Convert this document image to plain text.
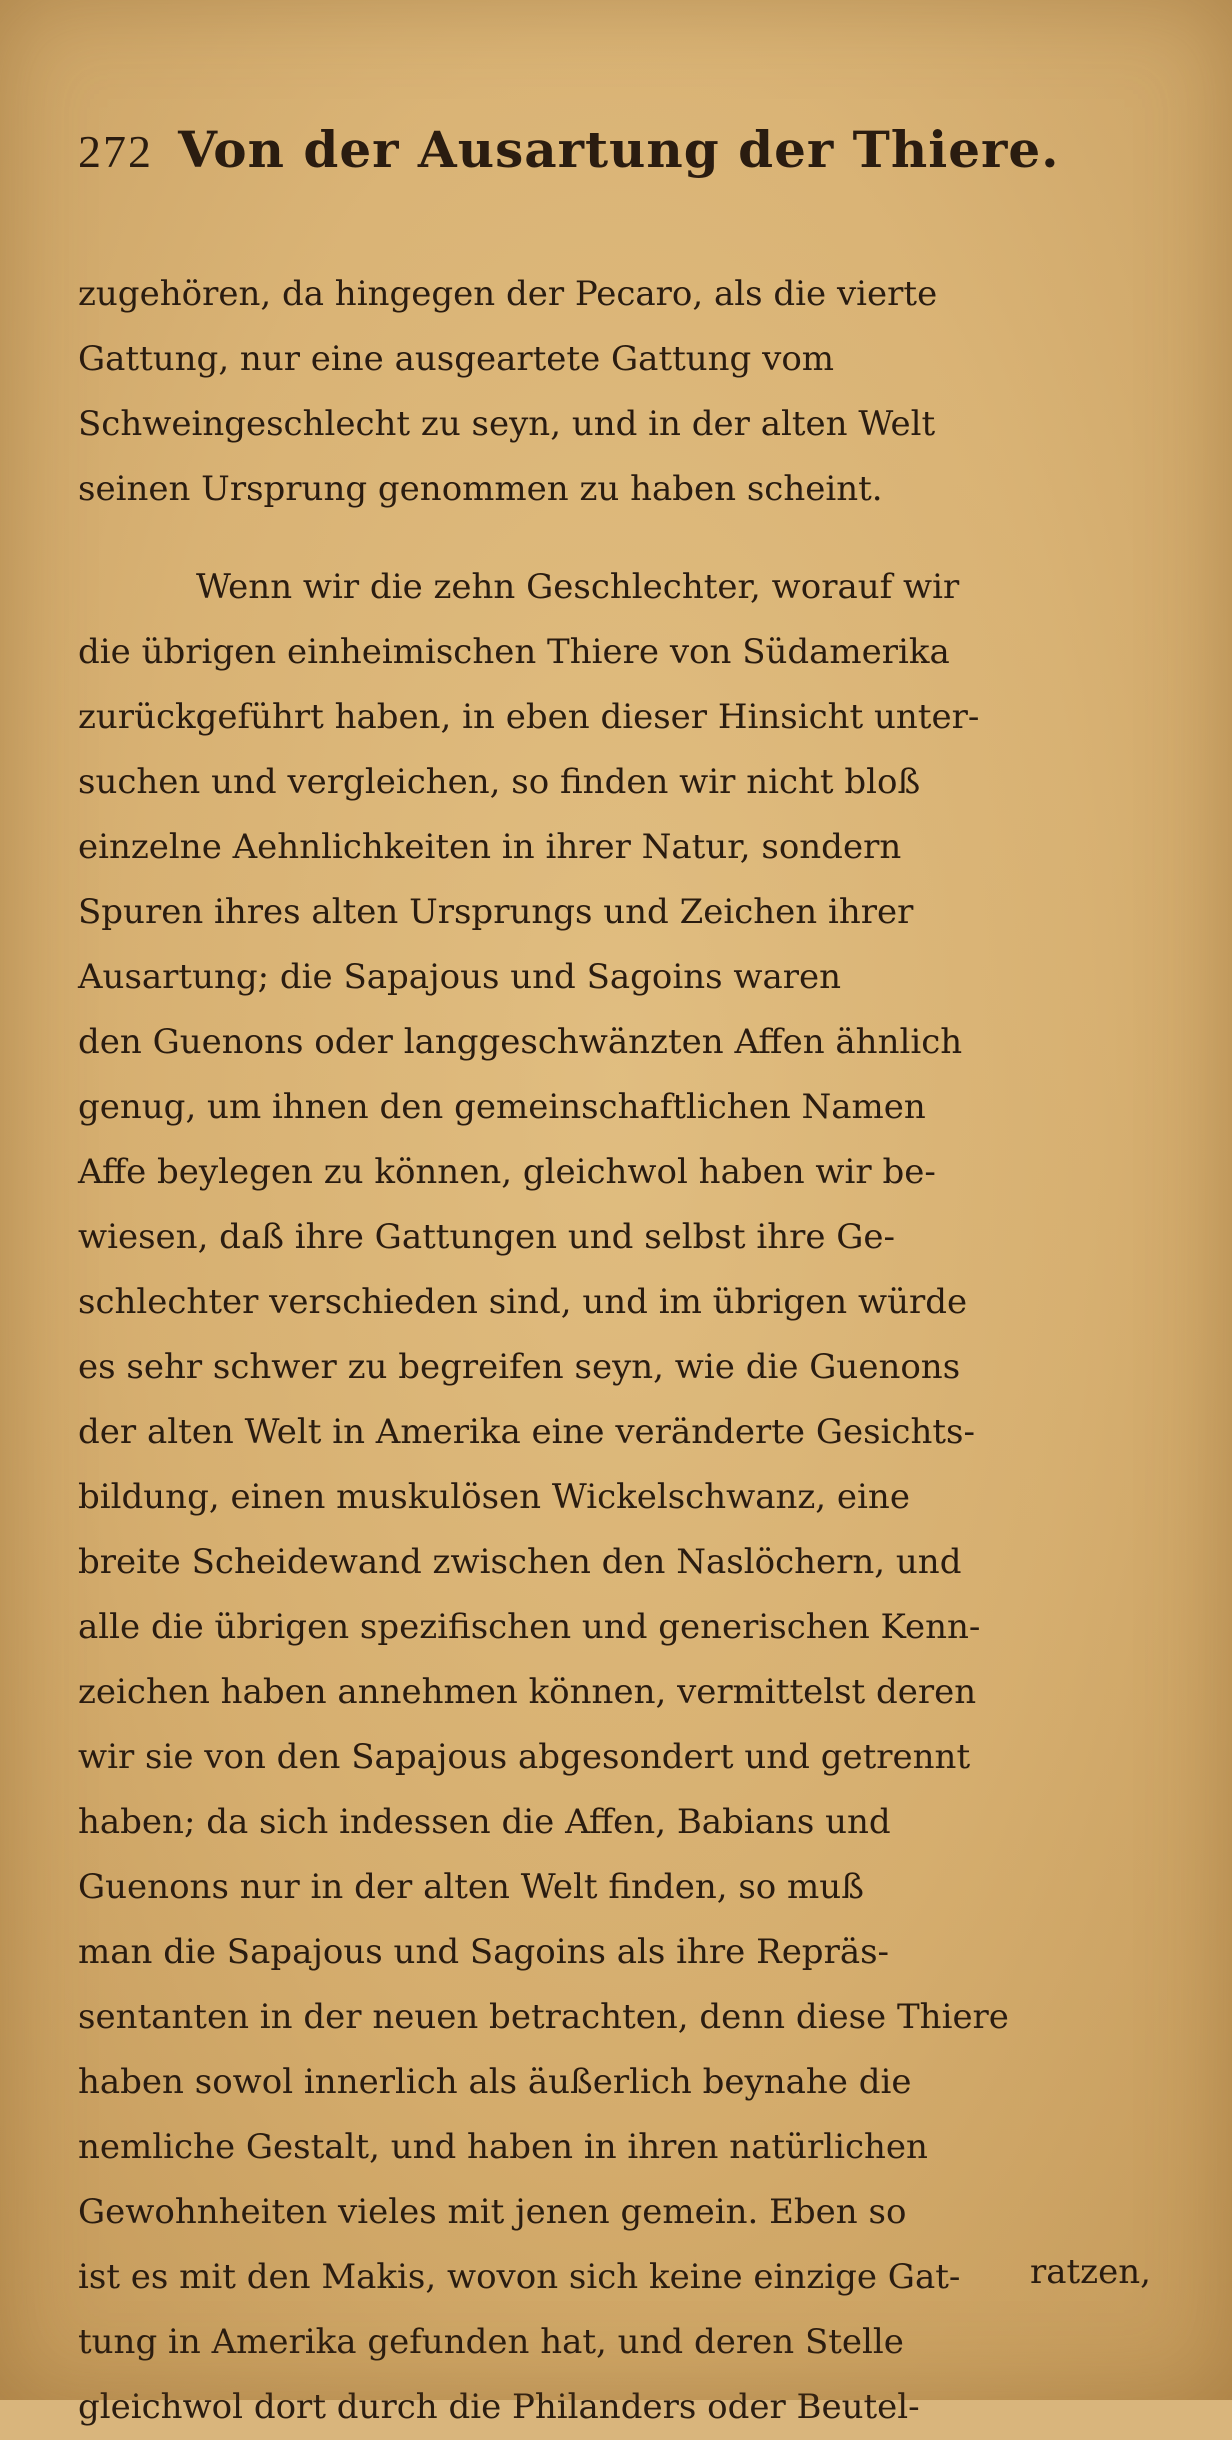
272 Von der Ausartung der Thiere.
zugehören, da hingegen der Pecaro, als die vierte
Gattung, nur eine ausgeartete Gattung vom
Schweingeschlecht zu seyn, und in der alten Welt
seinen Ursprung genommen zu haben scheint.
Wenn wir die zehn Geschlechter, worauf wir
die übrigen einheimischen Thiere von Südamerika
zurückgeführt haben, in eben dieser Hinsicht unter-
suchen und vergleichen, so finden wir nicht bloß
einzelne Aehnlichkeiten in ihrer Natur, sondern
Spuren ihres alten Ursprungs und Zeichen ihrer
Ausartung; die Sapajous und Sagoins waren
den Guenons oder langgeschwänzten Affen ähnlich
genug, um ihnen den gemeinschaftlichen Namen
Affe beylegen zu können, gleichwol haben wir be-
wiesen, daß ihre Gattungen und selbst ihre Ge-
schlechter verschieden sind, und im übrigen würde
es sehr schwer zu begreifen seyn, wie die Guenons
der alten Welt in Amerika eine veränderte Gesichts-
bildung, einen muskulösen Wickelschwanz, eine
breite Scheidewand zwischen den Naslöchern, und
alle die übrigen spezifischen und generischen Kenn-
zeichen haben annehmen können, vermittelst deren
wir sie von den Sapajous abgesondert und getrennt
haben; da sich indessen die Affen, Babians und
Guenons nur in der alten Welt finden, so muß
man die Sapajous und Sagoins als ihre Repräs-
sentanten in der neuen betrachten, denn diese Thiere
haben sowol innerlich als äußerlich beynahe die
nemliche Gestalt, und haben in ihren natürlichen
Gewohnheiten vieles mit jenen gemein. Eben so
ist es mit den Makis, wovon sich keine einzige Gat-
tung in Amerika gefunden hat, und deren Stelle
gleichwol dort durch die Philanders oder Beutel-
ratzen,
